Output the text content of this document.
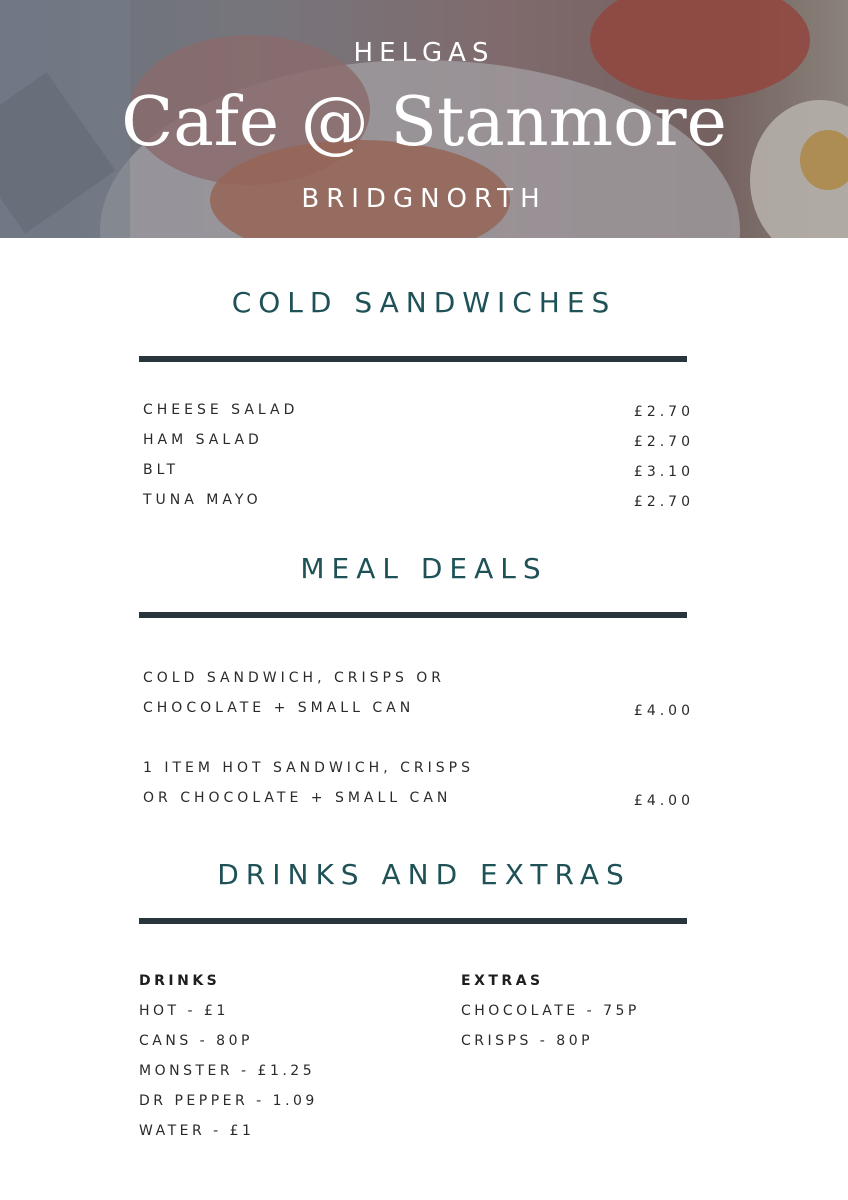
HELGAS
Cafe @ Stanmore
BRIDGNORTH
COLD SANDWICHES
CHEESE SALAD	£2.70
HAM SALAD	£2.70
BLT	£3.10
TUNA MAYO	£2.70
MEAL DEALS
COLD SANDWICH, CRISPS OR
CHOCOLATE + SMALL CAN	£4.00
1 ITEM HOT SANDWICH, CRISPS
OR CHOCOLATE + SMALL CAN	£4.00
DRINKS AND EXTRAS
DRINKS
HOT - £1
CANS - 80P
MONSTER - £1.25
DR PEPPER - 1.09
WATER - £1
EXTRAS
CHOCOLATE - 75P
CRISPS - 80P
